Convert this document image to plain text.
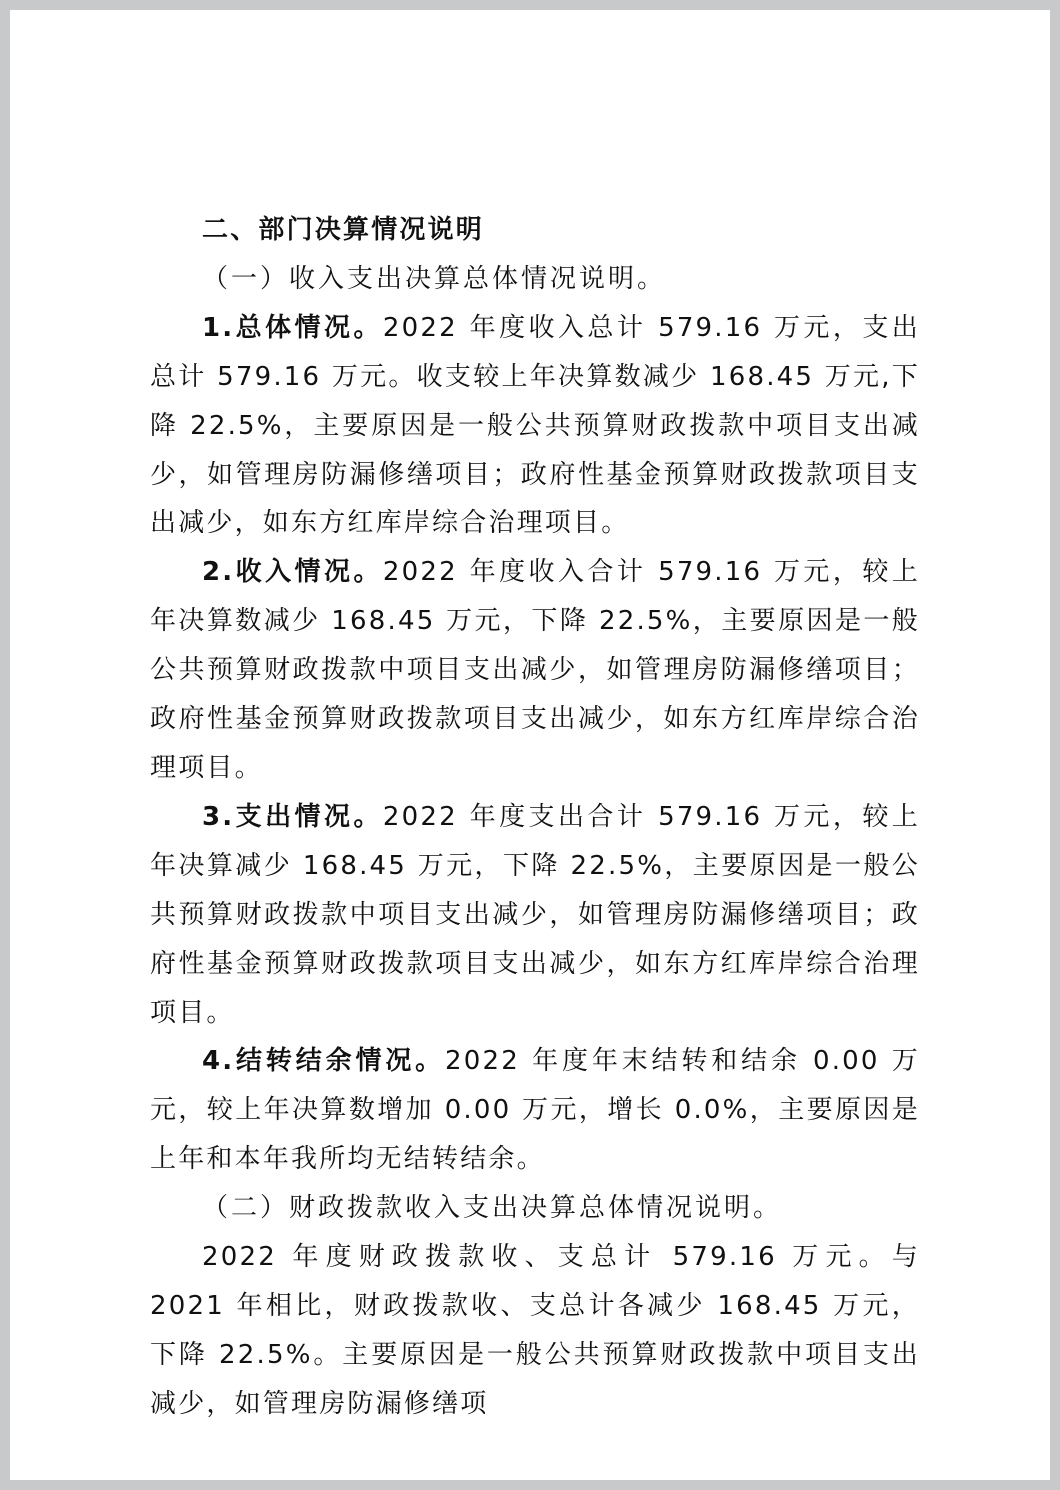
二、部门决算情况说明

（一）收入支出决算总体情况说明。

1.总体情况。2022 年度收入总计 579.16 万元，支出总计 579.16 万元。收支较上年决算数减少 168.45 万元,下降 22.5%，主要原因是一般公共预算财政拨款中项目支出减少，如管理房防漏修缮项目；政府性基金预算财政拨款项目支出减少，如东方红库岸综合治理项目。

2.收入情况。2022 年度收入合计 579.16 万元，较上年决算数减少 168.45 万元，下降 22.5%，主要原因是一般公共预算财政拨款中项目支出减少，如管理房防漏修缮项目；政府性基金预算财政拨款项目支出减少，如东方红库岸综合治理项目。

3.支出情况。2022 年度支出合计 579.16 万元，较上年决算减少 168.45 万元，下降 22.5%，主要原因是一般公共预算财政拨款中项目支出减少，如管理房防漏修缮项目；政府性基金预算财政拨款项目支出减少，如东方红库岸综合治理项目。

4.结转结余情况。2022 年度年末结转和结余 0.00 万元，较上年决算数增加 0.00 万元，增长 0.0%，主要原因是上年和本年我所均无结转结余。

（二）财政拨款收入支出决算总体情况说明。

2022 年度财政拨款收、支总计 579.16 万元。与 2021 年相比，财政拨款收、支总计各减少 168.45 万元，下降 22.5%。主要原因是一般公共预算财政拨款中项目支出减少，如管理房防漏修缮项
